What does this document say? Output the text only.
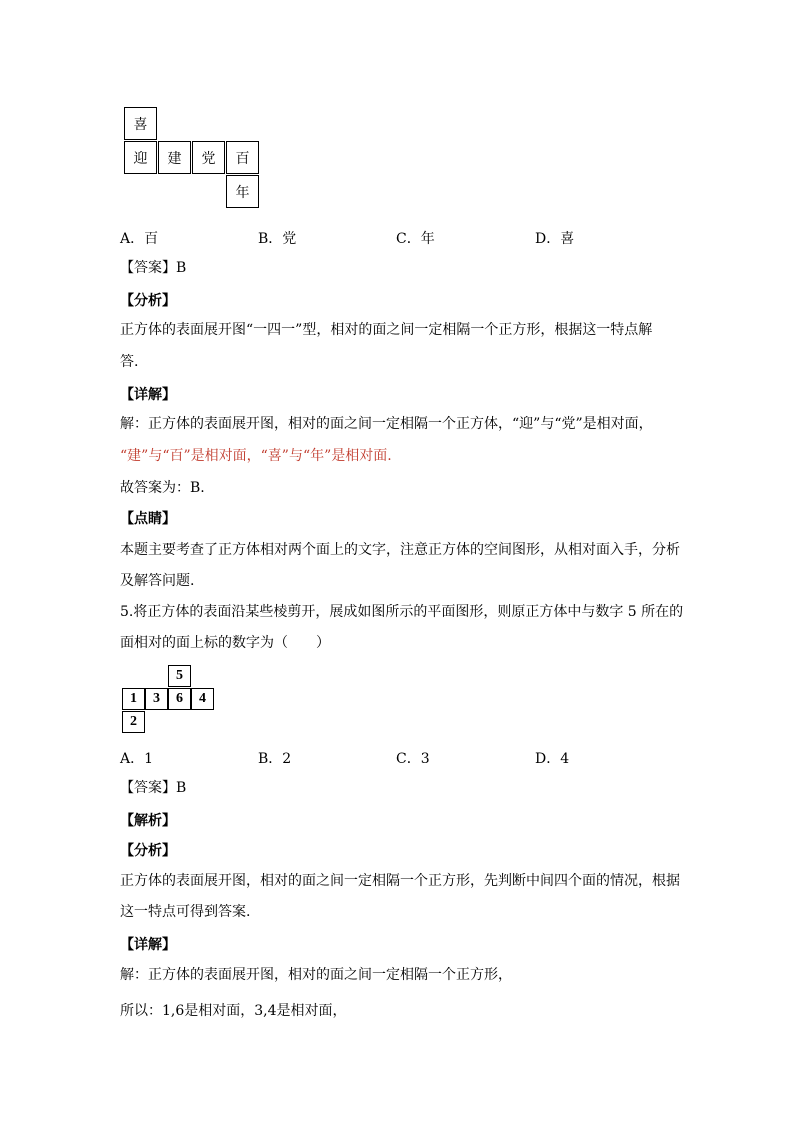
喜
迎	建	党	百
年
A．百	B．党	C．年	D．喜
【答案】B
【分析】
正方体的表面展开图“一四一”型，相对的面之间一定相隔一个正方形，根据这一特点解
答.
【详解】
解：正方体的表面展开图，相对的面之间一定相隔一个正方体，“迎”与“党”是相对面，
“建”与“百”是相对面，“喜”与“年”是相对面.
故答案为：B.
【点睛】
本题主要考查了正方体相对两个面上的文字，注意正方体的空间图形，从相对面入手，分析
及解答问题.
5.将正方体的表面沿某些棱剪开，展成如图所示的平面图形，则原正方体中与数字 5 所在的
面相对的面上标的数字为（　　）
5
1	3	6	4
2
A．1	B．2	C．3	D．4
【答案】B
【解析】
【分析】
正方体的表面展开图，相对的面之间一定相隔一个正方形，先判断中间四个面的情况，根据
这一特点可得到答案.
【详解】
解：正方体的表面展开图，相对的面之间一定相隔一个正方形，
所以：1,6是相对面，3,4是相对面，
